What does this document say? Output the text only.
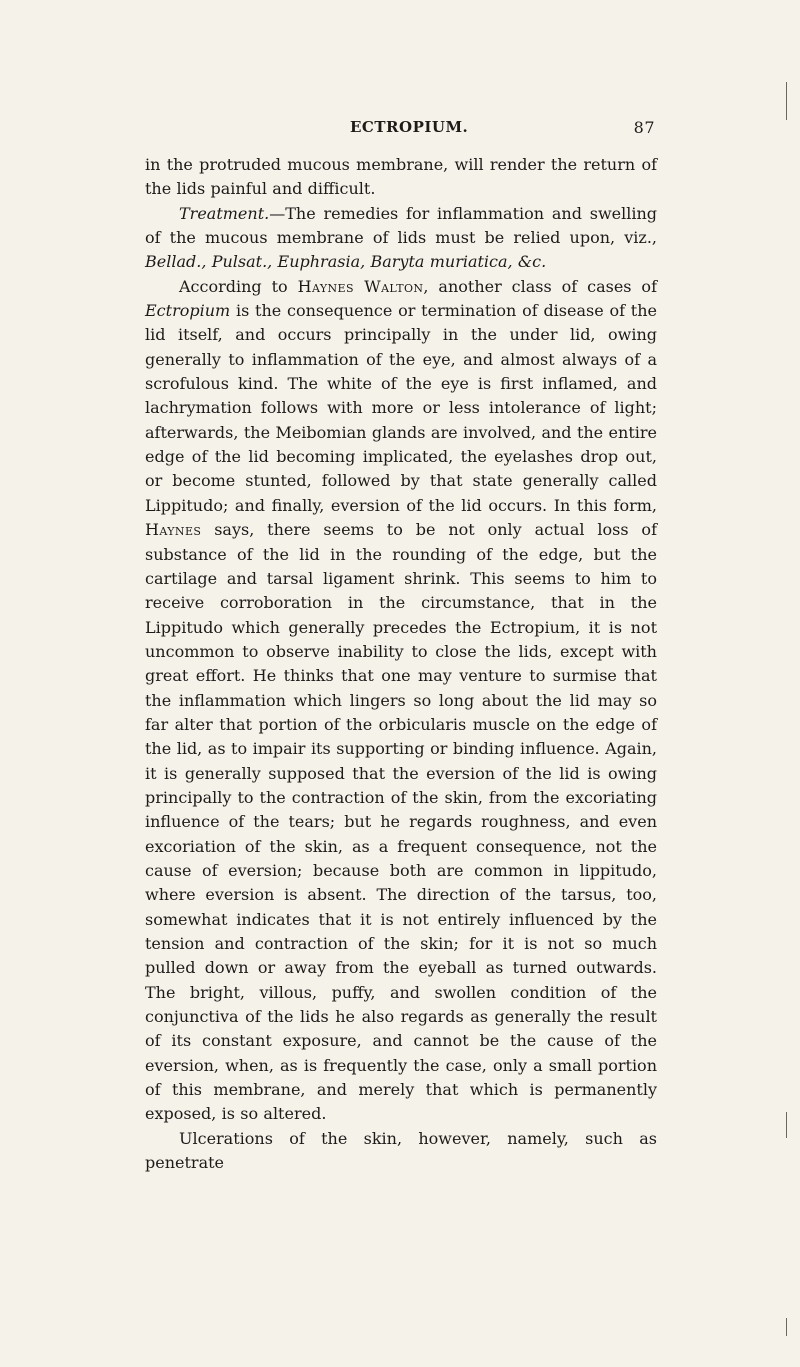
ECTROPIUM.	87

in the protruded mucous membrane, will render the return of the lids painful and difficult.

Treatment.—The remedies for inflammation and swelling of the mucous membrane of lids must be relied upon, viz., Bellad., Pulsat., Euphrasia, Baryta muriatica, &c.

According to Haynes Walton, another class of cases of Ectropium is the consequence or termination of disease of the lid itself, and occurs principally in the under lid, owing generally to inflammation of the eye, and almost always of a scrofulous kind. The white of the eye is first inflamed, and lachrymation follows with more or less intolerance of light; afterwards, the Meibomian glands are involved, and the entire edge of the lid becoming implicated, the eyelashes drop out, or become stunted, followed by that state generally called Lippitudo; and finally, eversion of the lid occurs. In this form, Haynes says, there seems to be not only actual loss of substance of the lid in the rounding of the edge, but the cartilage and tarsal ligament shrink. This seems to him to receive corroboration in the circumstance, that in the Lippitudo which generally precedes the Ectropium, it is not uncommon to observe inability to close the lids, except with great effort. He thinks that one may venture to surmise that the inflammation which lingers so long about the lid may so far alter that portion of the orbicularis muscle on the edge of the lid, as to impair its supporting or binding influence. Again, it is generally supposed that the eversion of the lid is owing principally to the contraction of the skin, from the excoriating influence of the tears; but he regards roughness, and even excoriation of the skin, as a frequent consequence, not the cause of eversion; because both are common in lippitudo, where eversion is absent. The direction of the tarsus, too, somewhat indicates that it is not entirely influenced by the tension and contraction of the skin; for it is not so much pulled down or away from the eyeball as turned outwards. The bright, villous, puffy, and swollen condition of the conjunctiva of the lids he also regards as generally the result of its constant exposure, and cannot be the cause of the eversion, when, as is frequently the case, only a small portion of this membrane, and merely that which is permanently exposed, is so altered.

Ulcerations of the skin, however, namely, such as penetrate
